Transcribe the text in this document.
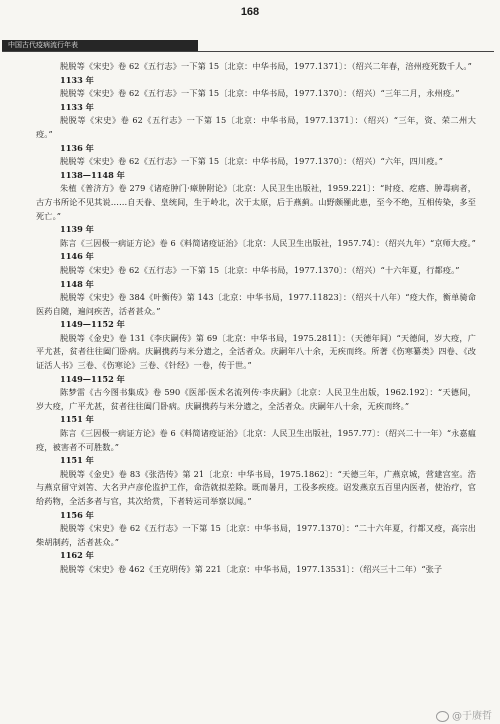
168
中国古代疫病流行年表
脱脱等《宋史》卷 62《五行志》一下第 15〔北京：中华书局，1977.1371〕：（绍兴二年春，涪州疫死数千人。”
1133 年
脱脱等《宋史》卷 62《五行志》一下第 15〔北京：中华书局，1977.1370〕：（绍兴）“三年二月，永州疫。”
1133 年
脱脱等《宋史》卷 62《五行志》一下第 15〔北京：中华书局，1977.1371〕：（绍兴）“三年，资、荣二州大疫。”
1136 年
脱脱等《宋史》卷 62《五行志》一下第 15〔北京：中华书局，1977.1370〕：（绍兴）“六年，四川疫。”
1138—1148 年
朱植《普济方》卷 279《诸疮肿门·瘴肿附论》〔北京：人民卫生出版社，1959.221〕：“时疫、疙瘩、肿毒病者，古方书所论不见其说……自天眷、皇统间，生于岭北，次于太原，后于燕蓟。山野颇罹此患，至今不绝，互相传染，多至死亡。”
1139 年
陈言《三因极一病证方论》卷 6《料简诸疫证治》〔北京：人民卫生出版社，1957.74〕：（绍兴九年）“京师大疫。”
1146 年
脱脱等《宋史》卷 62《五行志》一下第 15〔北京：中华书局，1977.1370〕：（绍兴）“十六年夏，行都疫。”
1148 年
脱脱等《宋史》卷 384《叶衡传》第 143〔北京：中华书局，1977.11823〕：（绍兴十八年）“疫大作，衡单骑命医药自随，遍问疾苦，活者甚众。”
1149—1152 年
脱脱等《金史》卷 131《李庆嗣传》第 69〔北京：中华书局，1975.2811〕：（天德年间）“天德间，岁大疫，广平尤甚，贫者往往阖门卧病。庆嗣携药与米分遗之，全活者众。庆嗣年八十余，无疾而终。所著《伤寒纂类》四卷、《改证活人书》三卷、《伤寒论》三卷、《针经》一卷，传于世。”
1149—1152 年
陈梦雷《古今图书集成》卷 590《医部·医术名流列传·李庆嗣》〔北京：人民卫生出版，1962.192〕：“天德间，岁大疫，广平尤甚，贫者往往阖门卧病。庆嗣携药与米分遗之，全活者众。庆嗣年八十余，无疾而终。”
1151 年
陈言《三因极一病证方论》卷 6《料简诸疫证治》〔北京：人民卫生出版社，1957.77〕：（绍兴二十一年）“永嘉瘟疫，被害者不可胜数。”
1151 年
脱脱等《金史》卷 83《张浩传》第 21〔北京：中华书局，1975.1862〕：“天德三年，广燕京城，营建宫室。浩与燕京留守刘筈、大名尹卢彦伦监护工作，命浩就拟差除。既而暑月，工役多疾疫。诏发燕京五百里内医者，使治疗，官给药物，全活多者与官，其次给赏，下者转运司举察以闻。”
1156 年
脱脱等《宋史》卷 62《五行志》一下第 15〔北京：中华书局，1977.1370〕：“二十六年夏，行都又疫，高宗出柴胡制药，活者甚众。”
1162 年
脱脱等《宋史》卷 462《王克明传》第 221〔北京：中华书局，1977.13531〕：（绍兴三十二年）“张子
@于赓哲
